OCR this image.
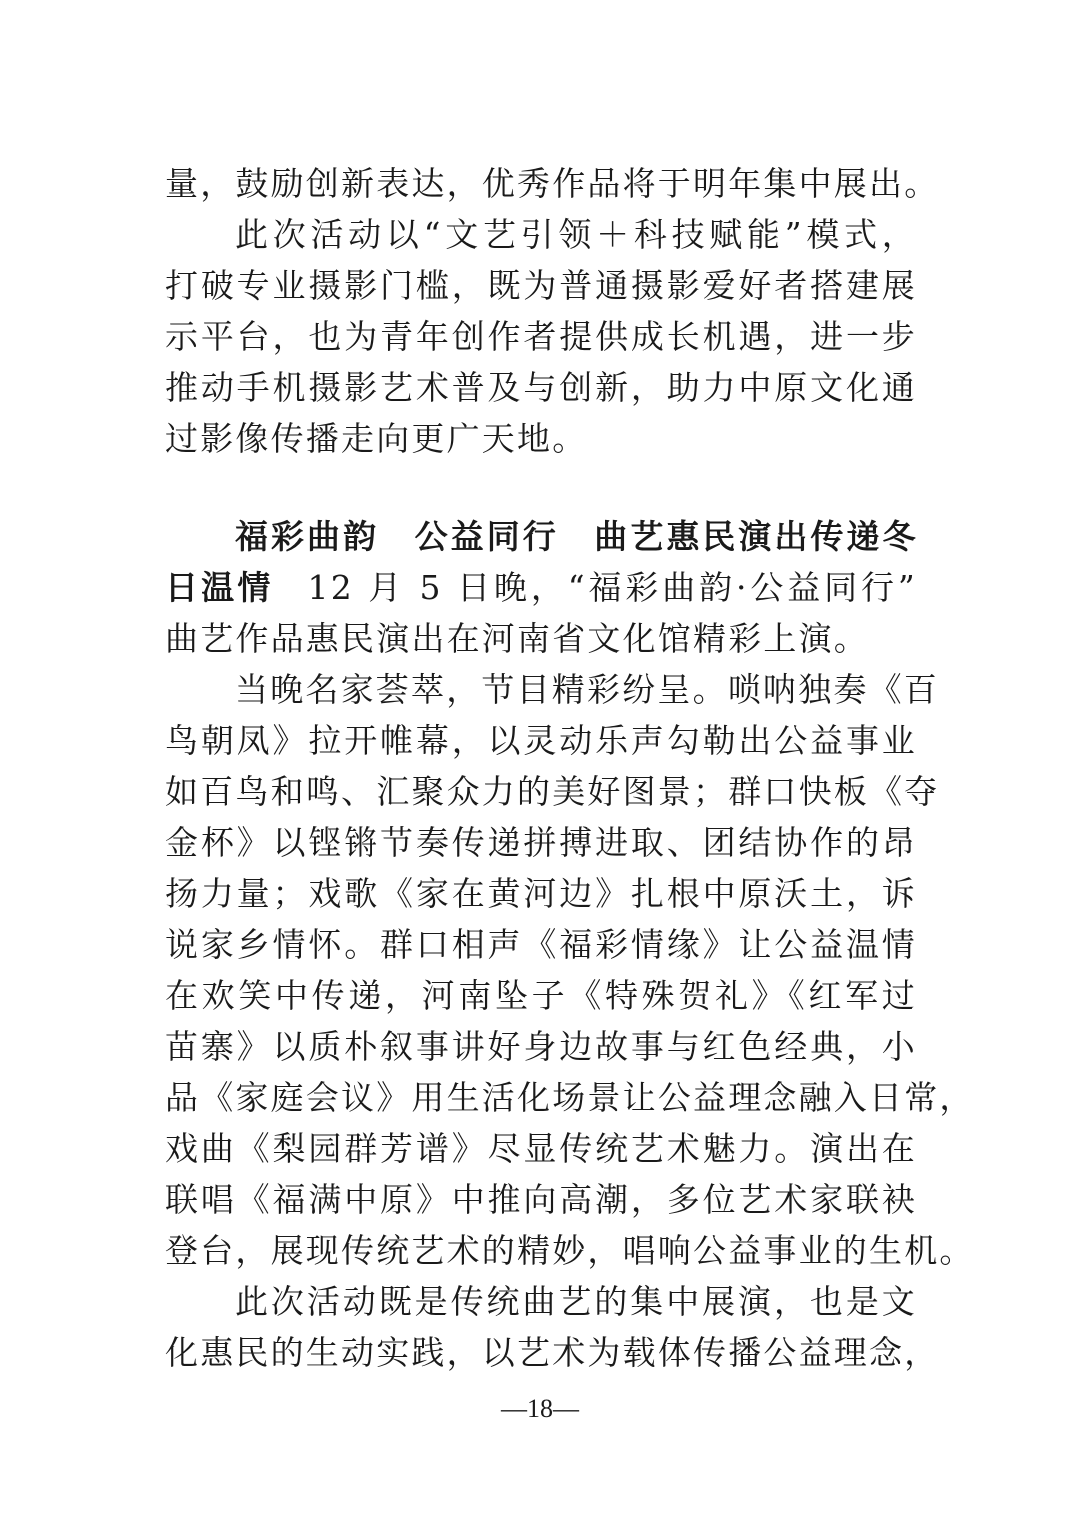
量，鼓励创新表达，优秀作品将于明年集中展出。
此次活动以“文艺引领＋科技赋能”模式，
打破专业摄影门槛，既为普通摄影爱好者搭建展
示平台，也为青年创作者提供成长机遇，进一步
推动手机摄影艺术普及与创新，助力中原文化通
过影像传播走向更广天地。
福彩曲韵 公益同行 曲艺惠民演出传递冬
日温情 12 月 5 日晚，“福彩曲韵·公益同行”
曲艺作品惠民演出在河南省文化馆精彩上演。
当晚名家荟萃，节目精彩纷呈。唢呐独奏《百
鸟朝凤》拉开帷幕，以灵动乐声勾勒出公益事业
如百鸟和鸣、汇聚众力的美好图景；群口快板《夺
金杯》以铿锵节奏传递拼搏进取、团结协作的昂
扬力量；戏歌《家在黄河边》扎根中原沃土，诉
说家乡情怀。群口相声《福彩情缘》让公益温情
在欢笑中传递，河南坠子《特殊贺礼》《红军过
苗寨》以质朴叙事讲好身边故事与红色经典，小
品《家庭会议》用生活化场景让公益理念融入日常，
戏曲《梨园群芳谱》尽显传统艺术魅力。演出在
联唱《福满中原》中推向高潮，多位艺术家联袂
登台，展现传统艺术的精妙，唱响公益事业的生机。
此次活动既是传统曲艺的集中展演，也是文
化惠民的生动实践，以艺术为载体传播公益理念，
—18—
